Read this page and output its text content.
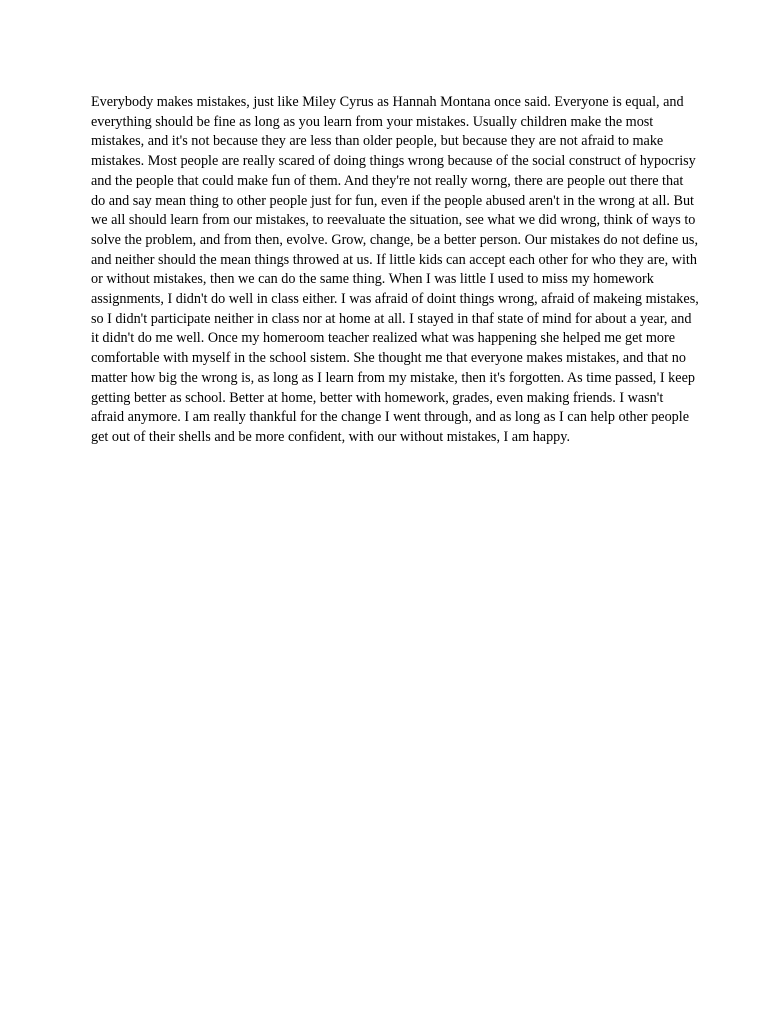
Everybody makes mistakes, just like Miley Cyrus as Hannah Montana once said. Everyone is equal, and everything should be fine as long as you learn from your mistakes. Usually children make the most mistakes, and it's not because they are less than older people, but because they are not afraid to make mistakes. Most people are really scared of doing things wrong because of the social construct of hypocrisy and the people that could make fun of them. And they're not really worng, there are people out there that do and say mean thing to other people just for fun, even if the people abused aren't in the wrong at all. But we all should learn from our mistakes, to reevaluate the situation, see what we did wrong, think of ways to solve the problem, and from then, evolve. Grow, change, be a better person. Our mistakes do not define us, and neither should the mean things throwed at us. If little kids can accept each other for who they are, with or without mistakes, then we can do the same thing. When I was little I used to miss my homework assignments, I didn't do well in class either. I was afraid of doint things wrong, afraid of makeing mistakes, so I didn't participate neither in class nor at home at all. I stayed in thaf state of mind for about a year, and it didn't do me well. Once my homeroom teacher realized what was happening she helped me get more comfortable with myself in the school sistem. She thought me that everyone makes mistakes, and that no matter how big the wrong is, as long as I learn from my mistake, then it's forgotten. As time passed, I keep getting better as school. Better at home, better with homework, grades, even making friends. I wasn't afraid anymore. I am really thankful for the change I went through, and as long as I can help other people get out of their shells and be more confident, with our without mistakes, I am happy.
